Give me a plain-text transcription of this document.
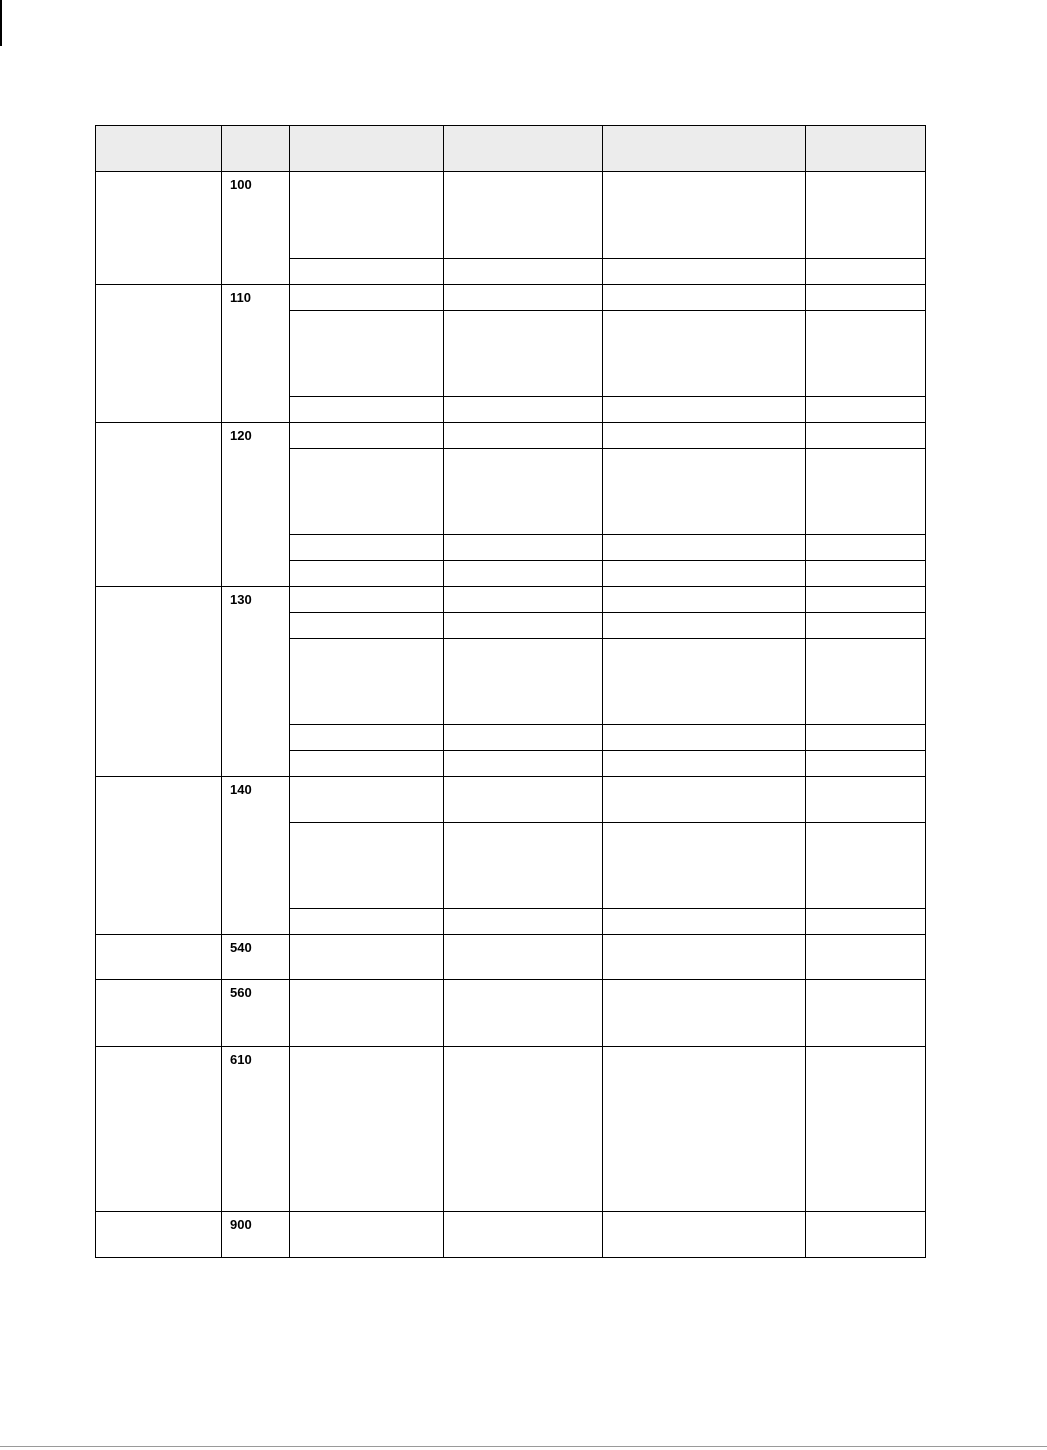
	100				

	110				

	120				

	130				

	140				

	540				
	560				
	610				
	900				
